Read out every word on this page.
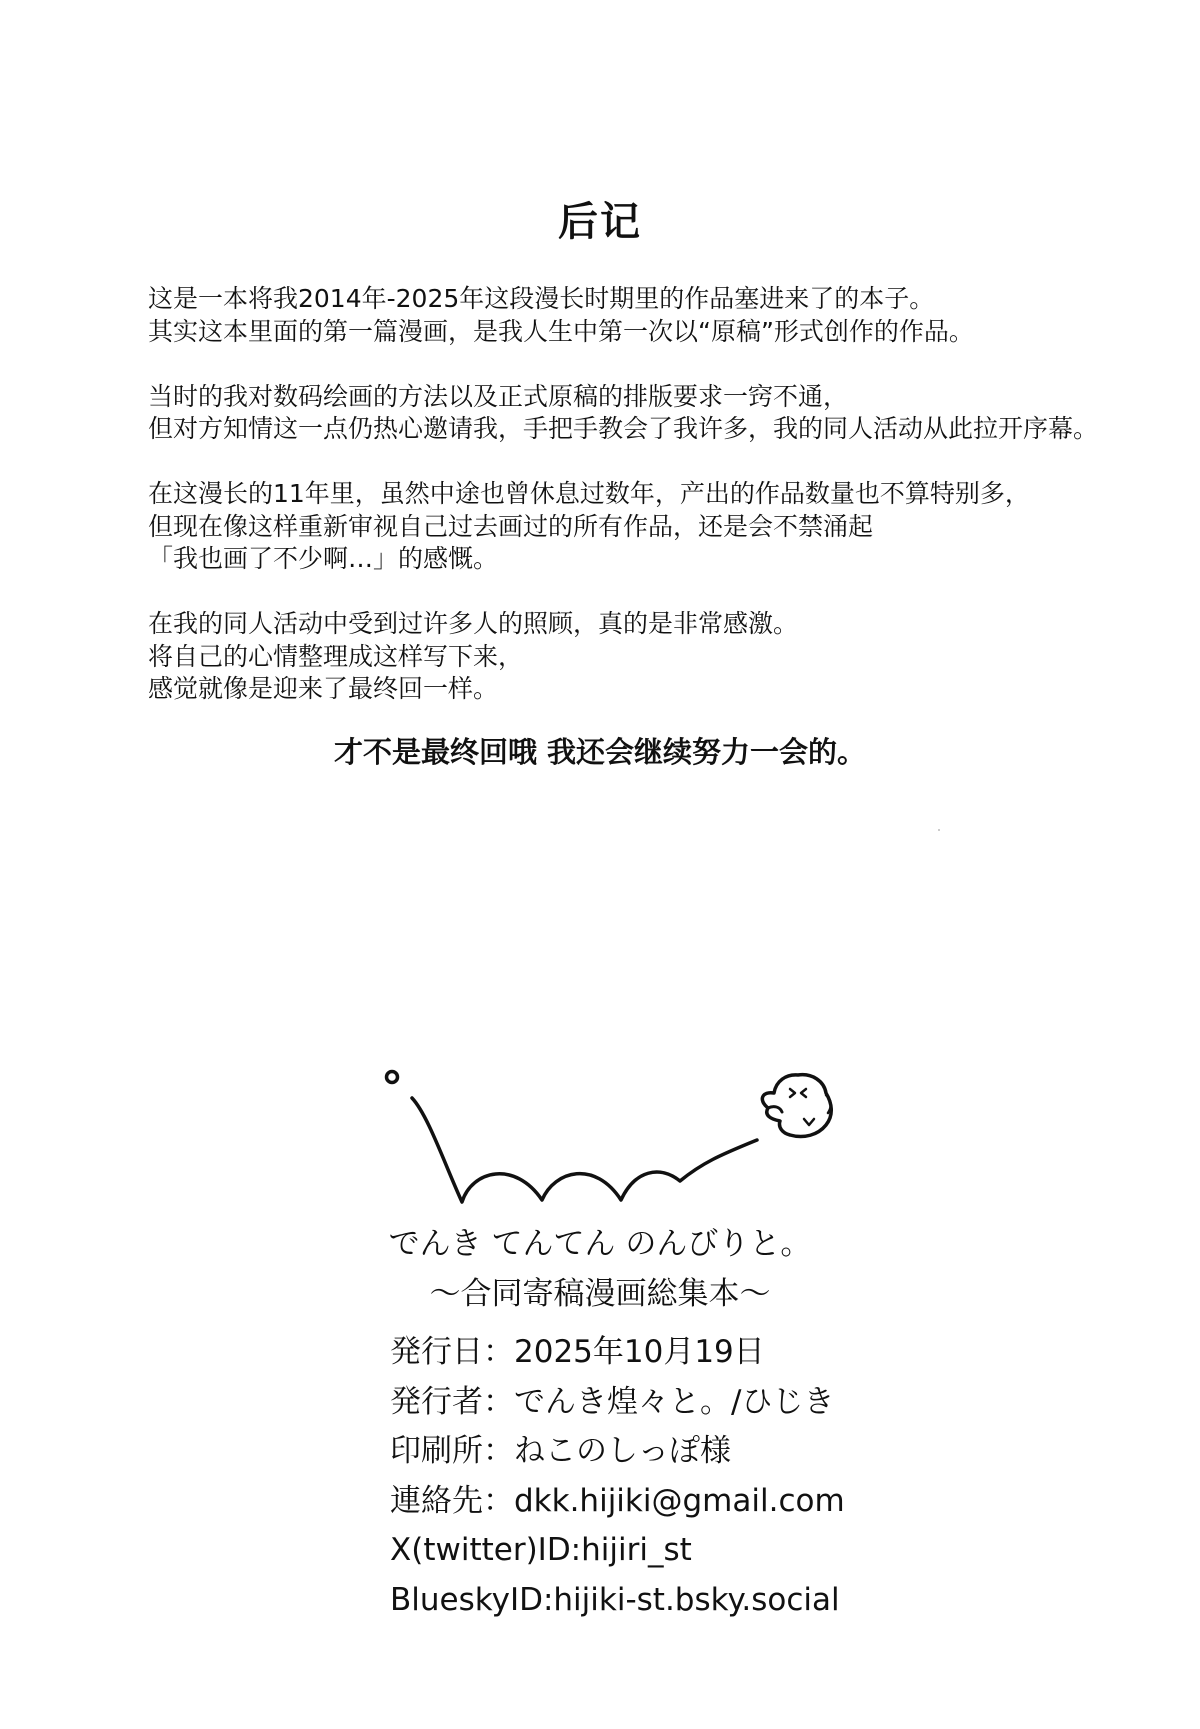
后记
这是一本将我2014年-2025年这段漫长时期里的作品塞进来了的本子。
其实这本里面的第一篇漫画，是我人生中第一次以“原稿”形式创作的作品。
当时的我对数码绘画的方法以及正式原稿的排版要求一窍不通，
但对方知情这一点仍热心邀请我，手把手教会了我许多，我的同人活动从此拉开序幕。
在这漫长的11年里，虽然中途也曾休息过数年，产出的作品数量也不算特别多，
但现在像这样重新审视自己过去画过的所有作品，还是会不禁涌起
「我也画了不少啊…」的感慨。
在我的同人活动中受到过许多人的照顾，真的是非常感激。
将自己的心情整理成这样写下来，
感觉就像是迎来了最终回一样。
才不是最终回哦 我还会继续努力一会的。
でんき てんてん のんびりと。
〜合同寄稿漫画総集本〜
発行日：2025年10月19日
発行者：でんき煌々と。/ひじき
印刷所：ねこのしっぽ様
連絡先：dkk.hijiki@gmail.com
X(twitter)ID:hijiri_st
BlueskyID:hijiki-st.bsky.social
